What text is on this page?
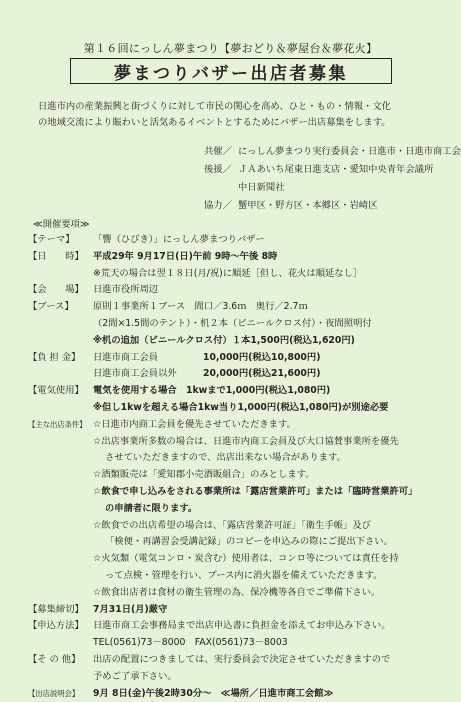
第１６回にっしん夢まつり【夢おどり＆夢屋台＆夢花火】
夢まつりバザー出店者募集

日進市内の産業振興と街づくりに対して市民の関心を高め、ひと・もの・情報・文化

の地域交流により賑わいと活気あるイベントとするためにバザー出店募集をします。

共催／ にっしん夢まつり実行委員会・日進市・日進市商工会
後援／ ＪＡあいち尾東日進支店・愛知中央青年会議所
中日新聞社
協力／ 蟹甲区・野方区・本郷区・岩崎区
≪開催要項≫
【テーマ】	「響（ひびき）」にっしん夢まつりバザー
【日　　時】 平成29年 9月17日(日)午前 9時～午後 8時
※荒天の場合は翌１８日(月/祝)に順延［但し、花火は順延なし］
【会　　場】 日進市役所周辺
【ブース】	原則１事業所１ブース　間口／3.6ｍ　奥行／2.7ｍ
（2間×1.5間のテント）・机２本（ビニールクロス付）・夜間照明付
※机の追加（ビニールクロス付）１本1,500円(税込1,620円)
【負 担 金】	日進市商工会員	10,000円(税込10,800円)
日進市商工会員以外	20,000円(税込21,600円)
【電気使用】 電気を使用する場合　1kwまで1,000円(税込1,080円)
※但し1kwを超える場合1kw当り1,000円(税込1,080円)が別途必要
【主な出店条件】 ☆日進市内商工会員を優先させていただきます。
☆出店事業所多数の場合は、日進市内商工会員及び大口協賛事業所を優先
させていただきますので、出店出来ない場合があります。
☆酒類販売は「愛知郡小売酒販組合」のみとします。
☆飲食で申し込みをされる事業所は「露店営業許可」または「臨時営業許可」
の申請者に限ります。
☆飲食での出店希望の場合は、「露店営業許可証」「衛生手帳」及び
「検便・再講習会受講記録」のコピーを申込みの際にご提出下さい。
☆火気類（電気コンロ・炭含む）使用者は、コンロ等については責任を持
って点検・管理を行い、ブース内に消火器を備えていただきます。
☆飲食出店者は食材の衛生管理の為、保冷機等各自でご準備下さい。
【募集締切】 7月31日(月)厳守
【申込方法】 日進市商工会事務局まで出店申込書に負担金を添えてお申込み下さい。
TEL(0561)73－8000　FAX(0561)73－8003
【そ の 他】	出店の配置につきましては、実行委員会で決定させていただきますので
予めご了承下さい。
【出店説明会】	9月 8日(金)午後2時30分～　≪場所／日進市商工会館≫
